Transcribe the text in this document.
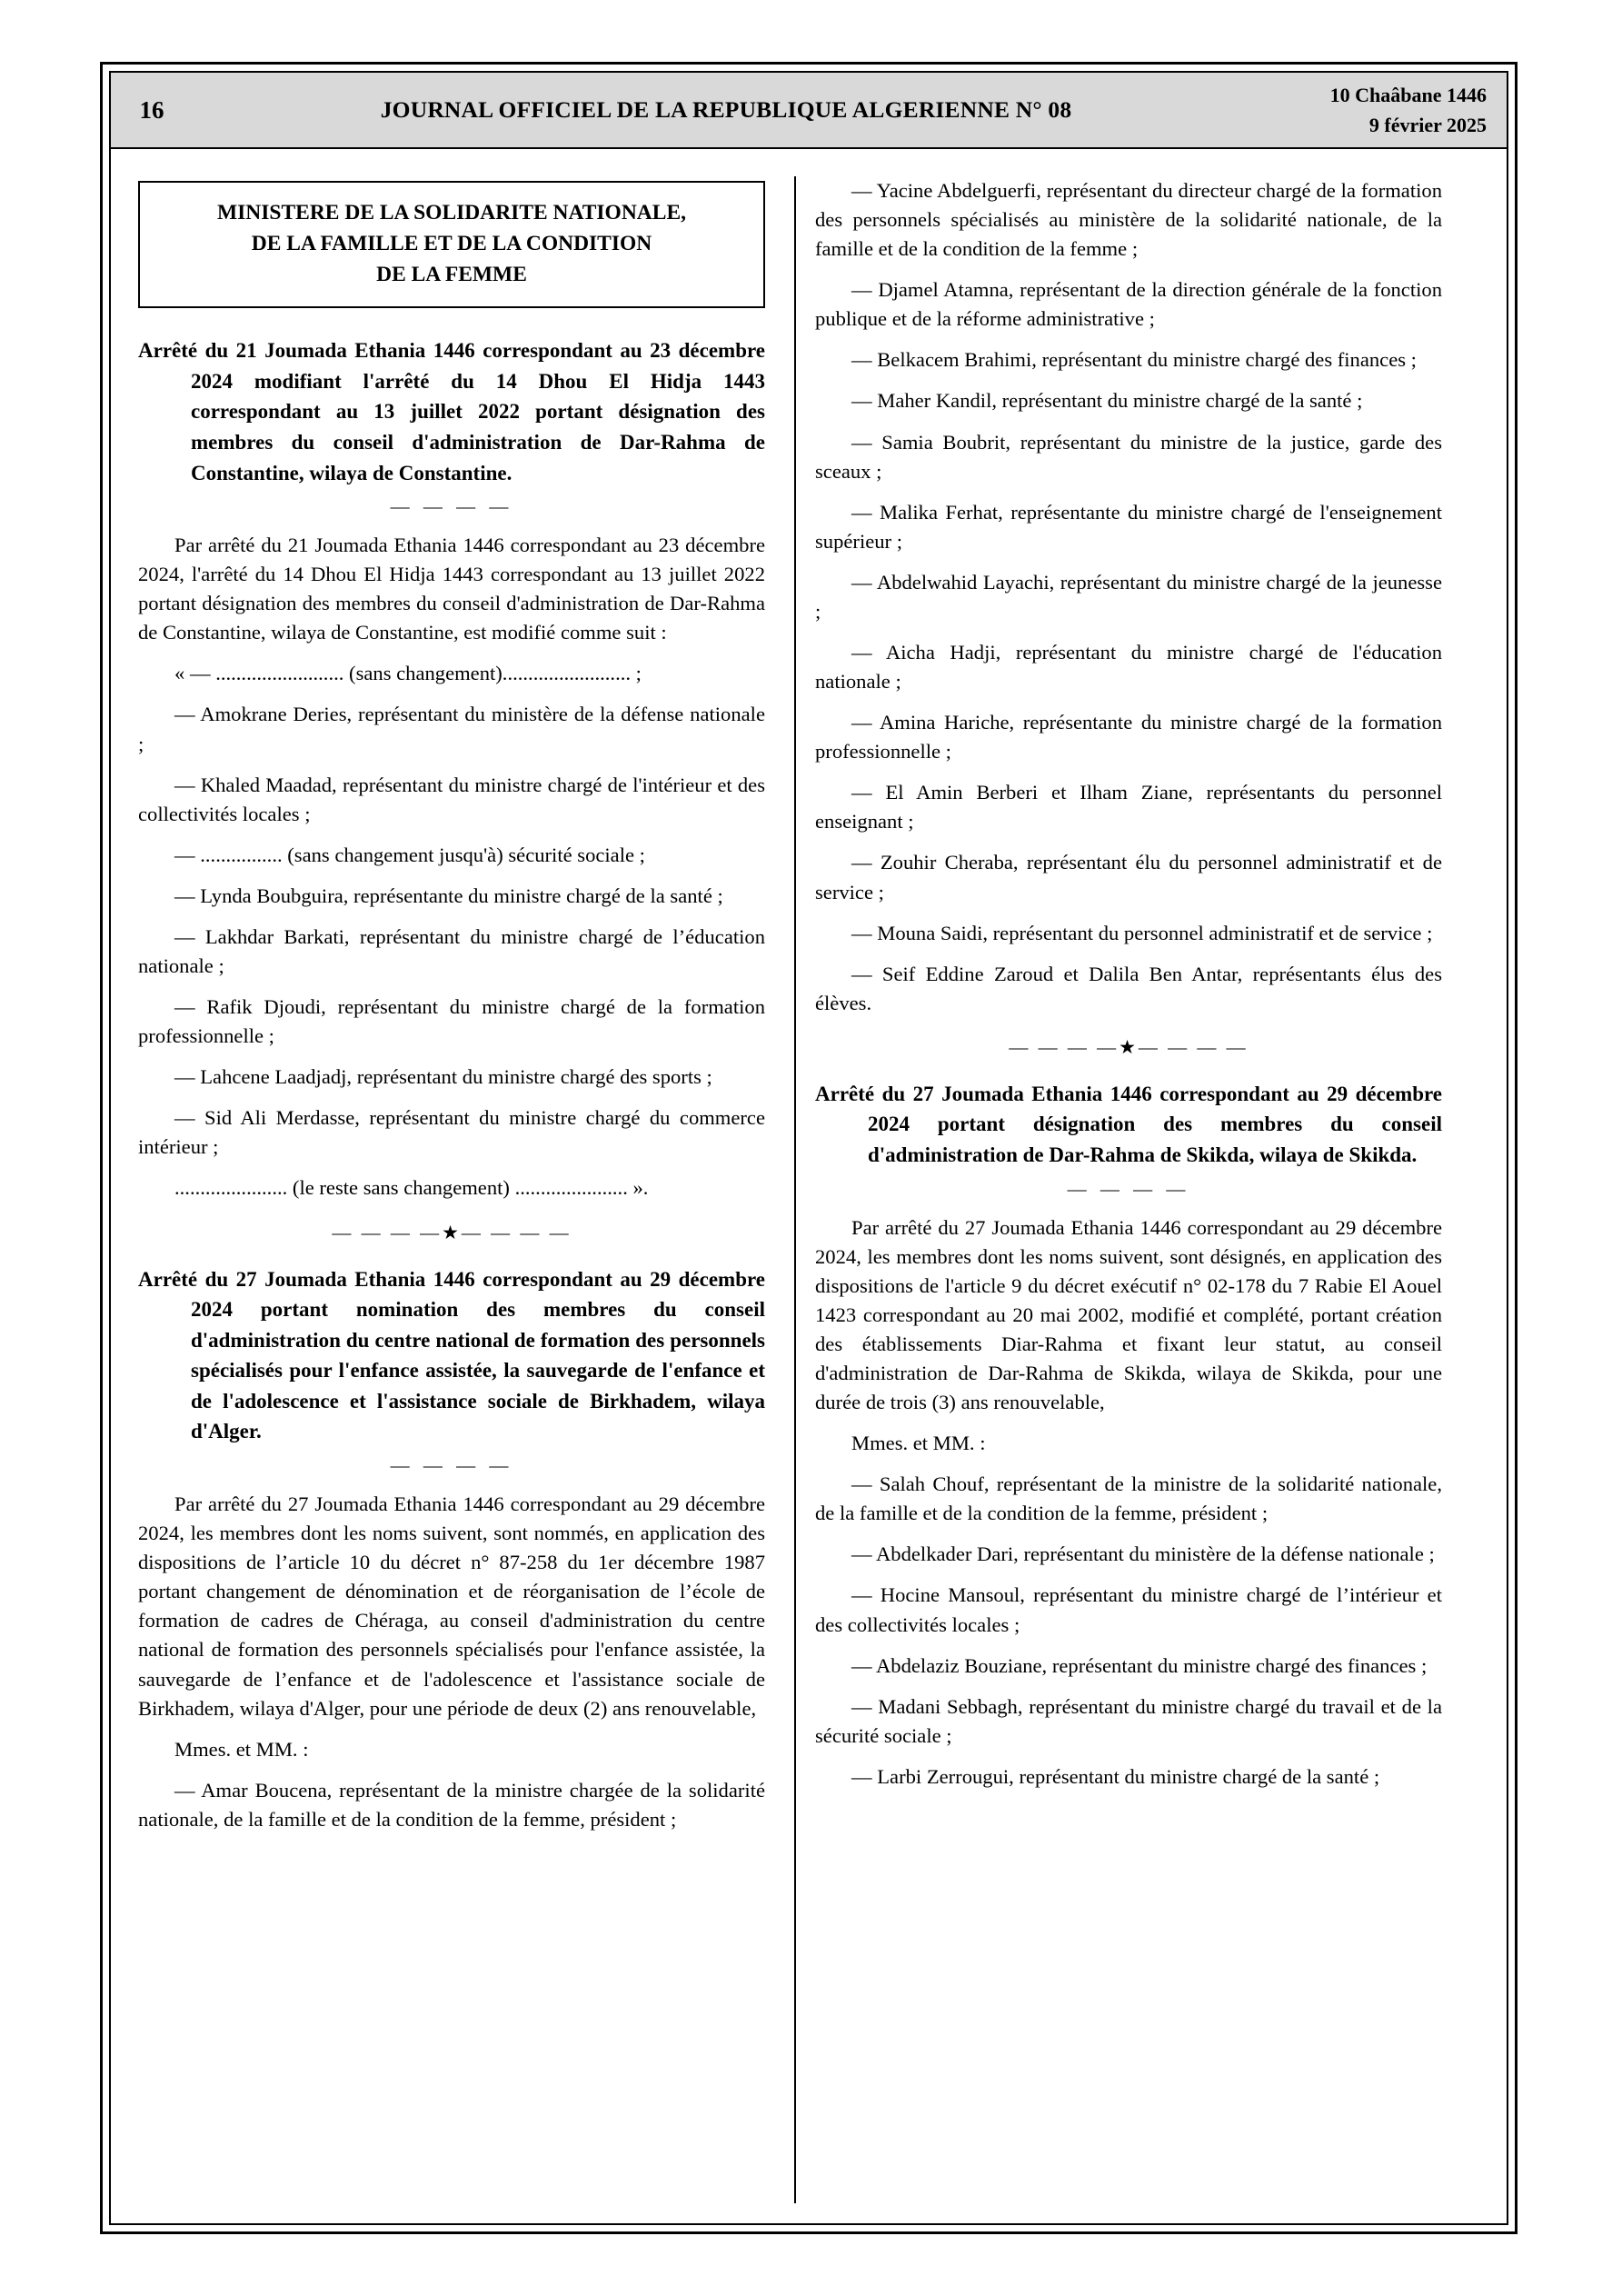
16	JOURNAL OFFICIEL DE LA REPUBLIQUE ALGERIENNE N° 08
10 Chaâbane 1446
9 février 2025
MINISTERE DE LA SOLIDARITE NATIONALE,
DE LA FAMILLE ET DE LA CONDITION
DE LA FEMME
Arrêté du 21 Joumada Ethania 1446 correspondant au 23 décembre 2024 modifiant l'arrêté du 14 Dhou El Hidja 1443 correspondant au 13 juillet 2022 portant désignation des membres du conseil d'administration de Dar-Rahma de Constantine, wilaya de Constantine.
— — — —

Par arrêté du 21 Joumada Ethania 1446 correspondant au 23 décembre 2024, l'arrêté du 14 Dhou El Hidja 1443 correspondant au 13 juillet 2022 portant désignation des membres du conseil d'administration de Dar-Rahma de Constantine, wilaya de Constantine, est modifié comme suit :

« — ......................... (sans changement)......................... ;

— Amokrane Deries, représentant du ministère de la défense nationale ;

— Khaled Maadad, représentant du ministre chargé de l'intérieur et des collectivités locales ;

— ................ (sans changement jusqu'à) sécurité sociale ;

— Lynda Boubguira, représentante du ministre chargé de la santé ;

— Lakhdar Barkati, représentant du ministre chargé de l’éducation nationale ;

— Rafik Djoudi, représentant du ministre chargé de la formation professionnelle ;

— Lahcene Laadjadj, représentant du ministre chargé des sports ;

— Sid Ali Merdasse, représentant du ministre chargé du commerce intérieur ;

...................... (le reste sans changement) ...................... ».

— — — —★— — — —
Arrêté du 27 Joumada Ethania 1446 correspondant au 29 décembre 2024 portant nomination des membres du conseil d'administration du centre national de formation des personnels spécialisés pour l'enfance assistée, la sauvegarde de l'enfance et de l'adolescence et l'assistance sociale de Birkhadem, wilaya d'Alger.
— — — —

Par arrêté du 27 Joumada Ethania 1446 correspondant au 29 décembre 2024, les membres dont les noms suivent, sont nommés, en application des dispositions de l’article 10 du décret n° 87-258 du 1er décembre 1987 portant changement de dénomination et de réorganisation de l’école de formation de cadres de Chéraga, au conseil d'administration du centre national de formation des personnels spécialisés pour l'enfance assistée, la sauvegarde de l’enfance et de l'adolescence et l'assistance sociale de Birkhadem, wilaya d'Alger, pour une période de deux (2) ans renouvelable,

Mmes. et MM. :

— Amar Boucena, représentant de la ministre chargée de la solidarité nationale, de la famille et de la condition de la femme, président ;

— Yacine Abdelguerfi, représentant du directeur chargé de la formation des personnels spécialisés au ministère de la solidarité nationale, de la famille et de la condition de la femme ;

— Djamel Atamna, représentant de la direction générale de la fonction publique et de la réforme administrative ;

— Belkacem Brahimi, représentant du ministre chargé des finances ;

— Maher Kandil, représentant du ministre chargé de la santé ;

— Samia Boubrit, représentant du ministre de la justice, garde des sceaux ;

— Malika Ferhat, représentante du ministre chargé de l'enseignement supérieur ;

— Abdelwahid Layachi, représentant du ministre chargé de la jeunesse ;

— Aicha Hadji, représentant du ministre chargé de l'éducation nationale ;

— Amina Hariche, représentante du ministre chargé de la formation professionnelle ;

— El Amin Berberi et Ilham Ziane, représentants du personnel enseignant ;

— Zouhir Cheraba, représentant élu du personnel administratif et de service ;

— Mouna Saidi, représentant du personnel administratif et de service ;

— Seif Eddine Zaroud et Dalila Ben Antar, représentants élus des élèves.

— — — —★— — — —
Arrêté du 27 Joumada Ethania 1446 correspondant au 29 décembre 2024 portant désignation des membres du conseil d'administration de Dar-Rahma de Skikda, wilaya de Skikda.
— — — —

Par arrêté du 27 Joumada Ethania 1446 correspondant au 29 décembre 2024, les membres dont les noms suivent, sont désignés, en application des dispositions de l'article 9 du décret exécutif n° 02-178 du 7 Rabie El Aouel 1423 correspondant au 20 mai 2002, modifié et complété, portant création des établissements Diar-Rahma et fixant leur statut, au conseil d'administration de Dar-Rahma de Skikda, wilaya de Skikda, pour une durée de trois (3) ans renouvelable,

Mmes. et MM. :

— Salah Chouf, représentant de la ministre de la solidarité nationale, de la famille et de la condition de la femme, président ;

— Abdelkader Dari, représentant du ministère de la défense nationale ;

— Hocine Mansoul, représentant du ministre chargé de l’intérieur et des collectivités locales ;

— Abdelaziz Bouziane, représentant du ministre chargé des finances ;

— Madani Sebbagh, représentant du ministre chargé du travail et de la sécurité sociale ;

— Larbi Zerrougui, représentant du ministre chargé de la santé ;
